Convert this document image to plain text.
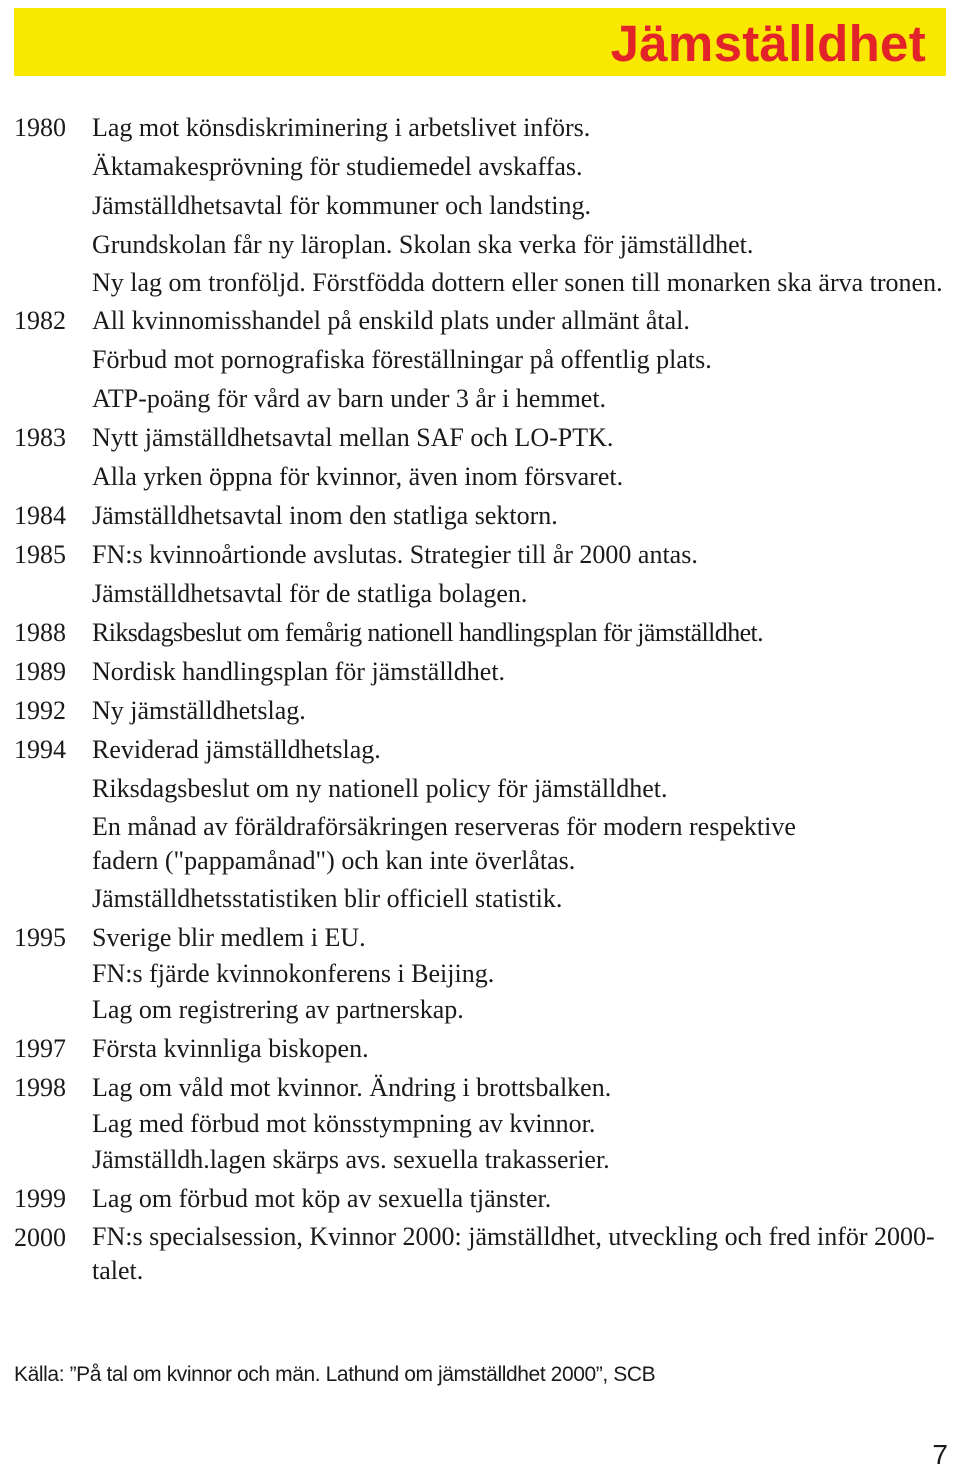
Jämställdhet
1980	Lag mot könsdiskriminering i arbetslivet införs.

Äktamakesprövning för studiemedel avskaffas.

Jämställdhetsavtal för kommuner och landsting.

Grundskolan får ny läroplan. Skolan ska verka för jämställdhet.

Ny lag om tronföljd. Förstfödda dottern eller sonen till monarken ska ärva tronen.

1982	All kvinnomisshandel på enskild plats under allmänt åtal.

Förbud mot pornografiska föreställningar på offentlig plats.

ATP-poäng för vård av barn under 3 år i hemmet.

1983	Nytt jämställdhetsavtal mellan SAF och LO-PTK.

Alla yrken öppna för kvinnor, även inom försvaret.

1984	Jämställdhetsavtal inom den statliga sektorn.

1985	FN:s kvinnoårtionde avslutas. Strategier till år 2000 antas.

Jämställdhetsavtal för de statliga bolagen.

1988	Riksdagsbeslut om femårig nationell handlingsplan för jämställdhet.

1989	Nordisk handlingsplan för jämställdhet.

1992	Ny jämställdhetslag.

1994	Reviderad jämställdhetslag.

Riksdagsbeslut om ny nationell policy för jämställdhet.

En månad av föräldraförsäkringen reserveras för modern respektive fadern ("pappamånad") och kan inte överlåtas.

Jämställdhetsstatistiken blir officiell statistik.

1995	Sverige blir medlem i EU.

FN:s fjärde kvinnokonferens i Beijing.

Lag om registrering av partnerskap.

1997	Första kvinnliga biskopen.

1998	Lag om våld mot kvinnor. Ändring i brottsbalken.

Lag med förbud mot könsstympning av kvinnor.

Jämställdh.lagen skärps avs. sexuella trakasserier.

1999	Lag om förbud mot köp av sexuella tjänster.

2000	FN:s specialsession, Kvinnor 2000: jämställdhet, utveckling och fred inför 2000-talet.

Källa: ”På tal om kvinnor och män. Lathund om jämställdhet 2000”, SCB
7
